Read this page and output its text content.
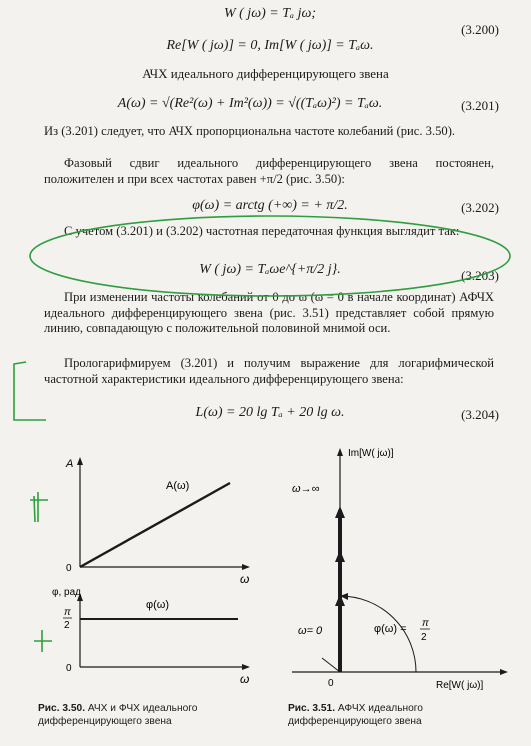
W ( jω) = Tₐ jω;
Re[W ( jω)] = 0, Im[W ( jω)] = Tₐω.
(3.200)
АЧХ идеального дифференцирующего звена
A(ω) = √(Re²(ω) + Im²(ω)) = √((Tₐω)²) = Tₐω.	(3.201)
Из (3.201) следует, что АЧХ пропорциональна частоте колебаний (рис. 3.50).
Фазовый сдвиг идеального дифференцирующего звена постоянен, положителен и при всех частотах равен +π/2 (рис. 3.50):
φ(ω) = arctg (+∞) = + π/2.	(3.202)
С учетом (3.201) и (3.202) частотная передаточная функция выглядит так:
W ( jω) = Tₐωe^{+π/2 j}.	(3.203)
При изменении частоты колебаний от 0 до ω (ω = 0 в начале координат) АФЧХ идеального дифференцирующего звена (рис. 3.51) представляет собой прямую линию, совпадающую с положительной половиной мнимой оси.
Прологарифмируем (3.201) и получим выражение для логарифмической частотной характеристики идеального дифференцирующего звена:
L(ω) = 20 lg Tₐ + 20 lg ω.	(3.204)
A
A(ω)
0
ω
φ, рад
π
2
φ(ω)
0
ω
Im[W( jω)]
ω→∞
ω= 0	φ(ω) = π
2
0	Re[W( jω)]
Рис. 3.50. АЧХ и ФЧХ идеального дифференцирующего звена
Рис. 3.51. АФЧХ идеального дифференцирующего звена
